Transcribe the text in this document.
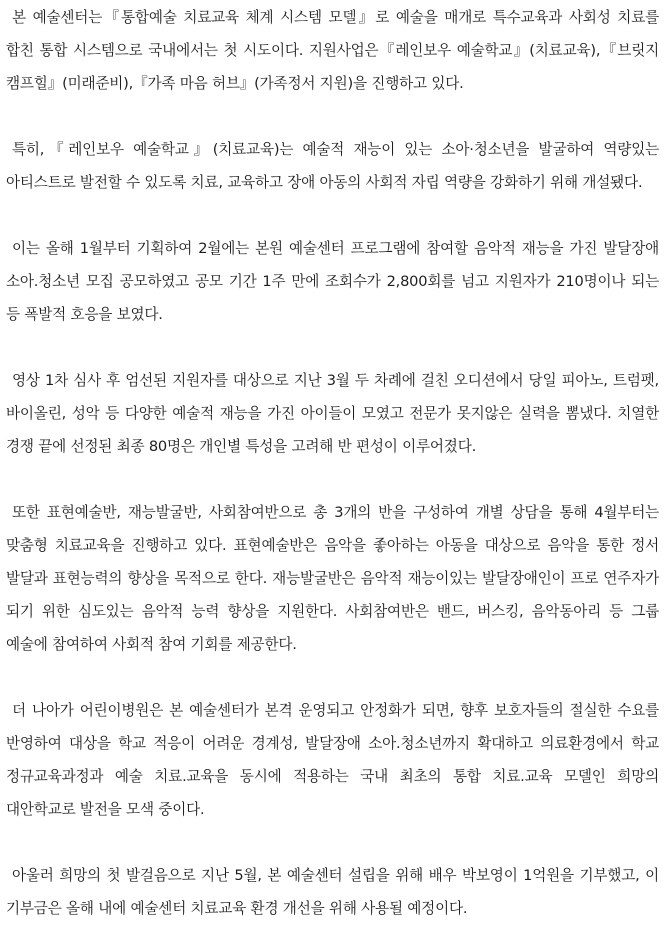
본 예술센터는『통합예술 치료교육 체계 시스템 모델』로 예술을 매개로 특수교육과 사회성 치료를 합친 통합 시스템으로 국내에서는 첫 시도이다. 지원사업은『레인보우 예술학교』(치료교육),『브릿지 캠프힐』(미래준비),『가족 마음 허브』(가족정서 지원)을 진행하고 있다.

특히,『레인보우 예술학교』(치료교육)는 예술적 재능이 있는 소아·청소년을 발굴하여 역량있는 아티스트로 발전할 수 있도록 치료, 교육하고 장애 아동의 사회적 자립 역량을 강화하기 위해 개설됐다.

이는 올해 1월부터 기획하여 2월에는 본원 예술센터 프로그램에 참여할 음악적 재능을 가진 발달장애 소아.청소년 모집 공모하였고 공모 기간 1주 만에 조회수가 2,800회를 넘고 지원자가 210명이나 되는 등 폭발적 호응을 보였다.

영상 1차 심사 후 엄선된 지원자를 대상으로 지난 3월 두 차례에 걸친 오디션에서 당일 피아노, 트럼펫, 바이올린, 성악 등 다양한 예술적 재능을 가진 아이들이 모였고 전문가 못지않은 실력을 뽐냈다. 치열한 경쟁 끝에 선정된 최종 80명은 개인별 특성을 고려해 반 편성이 이루어졌다.

또한 표현예술반, 재능발굴반, 사회참여반으로 총 3개의 반을 구성하여 개별 상담을 통해 4월부터는 맞춤형 치료교육을 진행하고 있다. 표현예술반은 음악을 좋아하는 아동을 대상으로 음악을 통한 정서 발달과 표현능력의 향상을 목적으로 한다. 재능발굴반은 음악적 재능이있는 발달장애인이 프로 연주자가 되기 위한 심도있는 음악적 능력 향상을 지원한다. 사회참여반은 밴드, 버스킹, 음악동아리 등 그룹 예술에 참여하여 사회적 참여 기회를 제공한다.

더 나아가 어린이병원은 본 예술센터가 본격 운영되고 안정화가 되면, 향후 보호자들의 절실한 수요를 반영하여 대상을 학교 적응이 어려운 경계성, 발달장애 소아.청소년까지 확대하고 의료환경에서 학교 정규교육과정과 예술 치료.교육을 동시에 적용하는 국내 최초의 통합 치료.교육 모델인 희망의 대안학교로 발전을 모색 중이다.

아울러 희망의 첫 발걸음으로 지난 5월, 본 예술센터 설립을 위해 배우 박보영이 1억원을 기부했고, 이 기부금은 올해 내에 예술센터 치료교육 환경 개선을 위해 사용될 예정이다.
